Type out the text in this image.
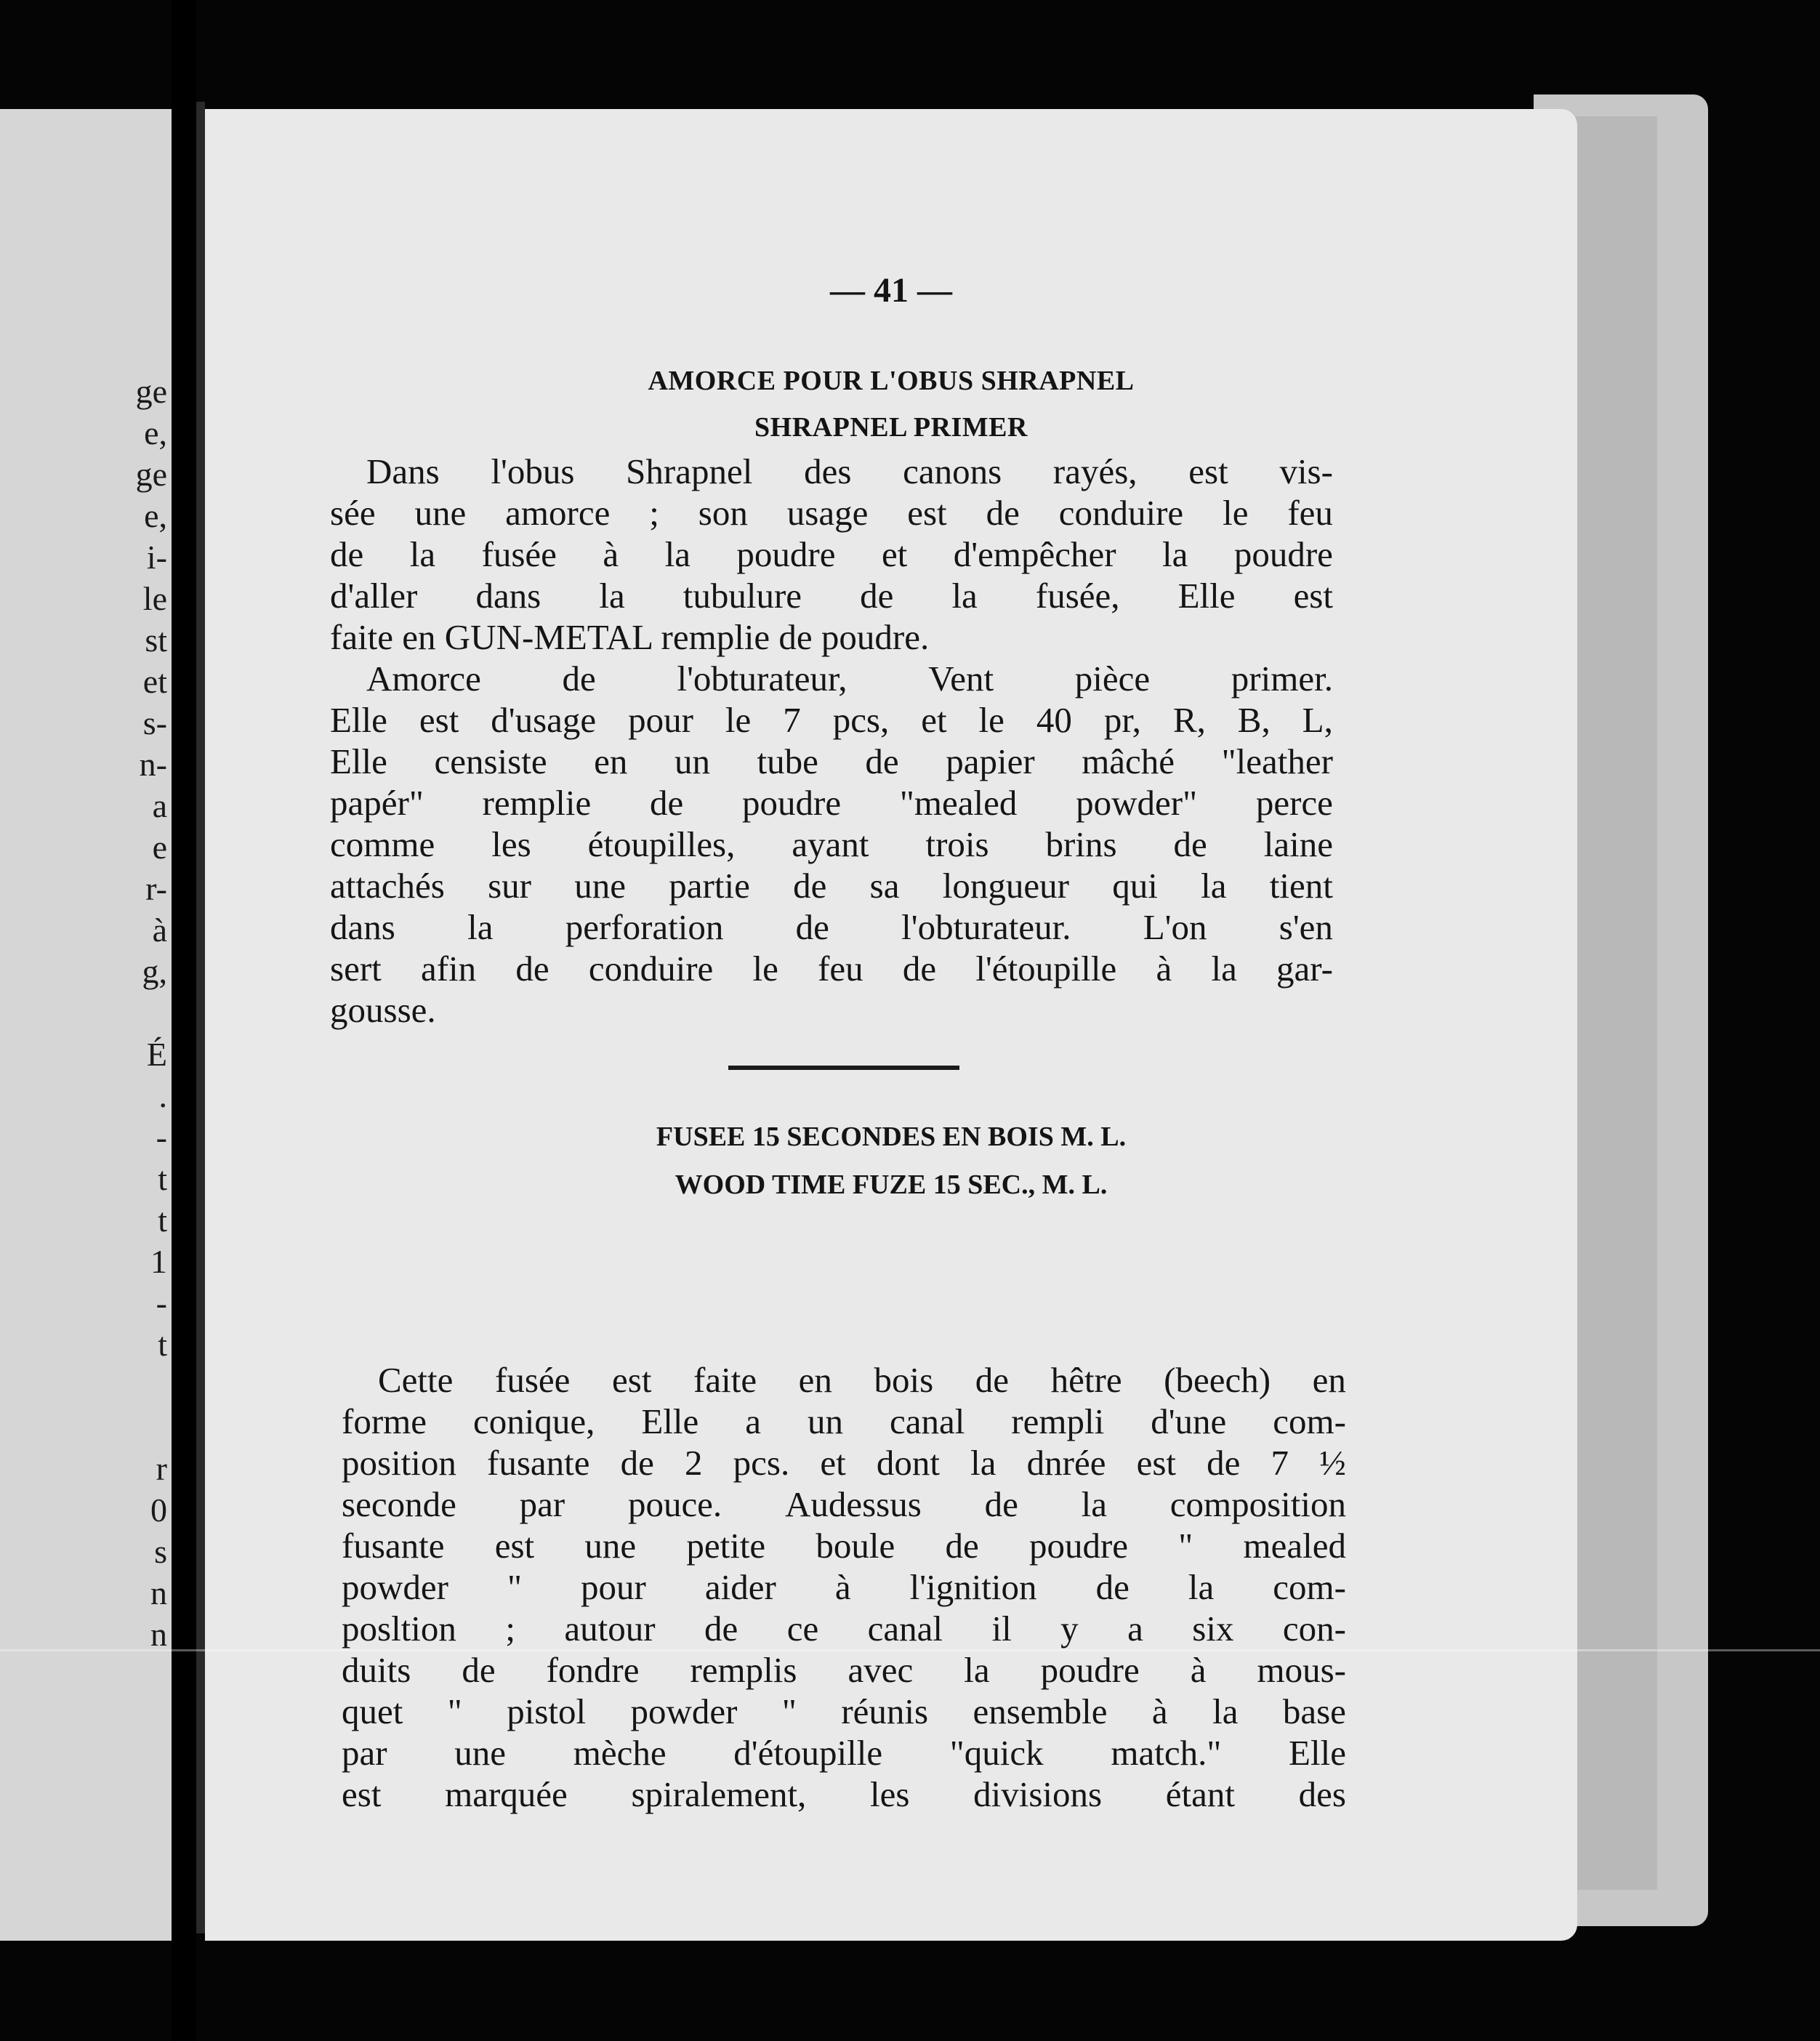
ge
e,
ge
e,
i-
le
st
et
s-
n-
a
e
r-
à
g,

É
.
-
t
t
1
-
t

r
0
s
n
n
— 41 —
AMORCE POUR L'OBUS SHRAPNEL
SHRAPNEL PRIMER
Dans l'obus Shrapnel des canons rayés, est vis-
sée une amorce ; son usage est de conduire le feu
de la fusée à la poudre et d'empêcher la poudre
d'aller dans la tubulure de la fusée, Elle est
faite en GUN-METAL remplie de poudre.
Amorce de l'obturateur, Vent pièce primer.
Elle est d'usage pour le 7 pcs, et le 40 pr, R, B, L,
Elle censiste en un tube de papier mâché "leather
papér" remplie de poudre "mealed powder" perce
comme les étoupilles, ayant trois brins de laine
attachés sur une partie de sa longueur qui la tient
dans la perforation de l'obturateur. L'on s'en
sert afin de conduire le feu de l'étoupille à la gar-
gousse.
FUSEE 15 SECONDES EN BOIS M. L.
WOOD TIME FUZE 15 SEC., M. L.
Cette fusée est faite en bois de hêtre (beech) en
forme conique, Elle a un canal rempli d'une com-
position fusante de 2 pcs. et dont la dnrée est de 7 ½
seconde par pouce. Audessus de la composition
fusante est une petite boule de poudre " mealed
powder " pour aider à l'ignition de la com-
posltion ; autour de ce canal il y a six con-
duits de fondre remplis avec la poudre à mous-
quet " pistol powder " réunis ensemble à la base
par une mèche d'étoupille "quick match." Elle
est marquée spiralement, les divisions étant des
